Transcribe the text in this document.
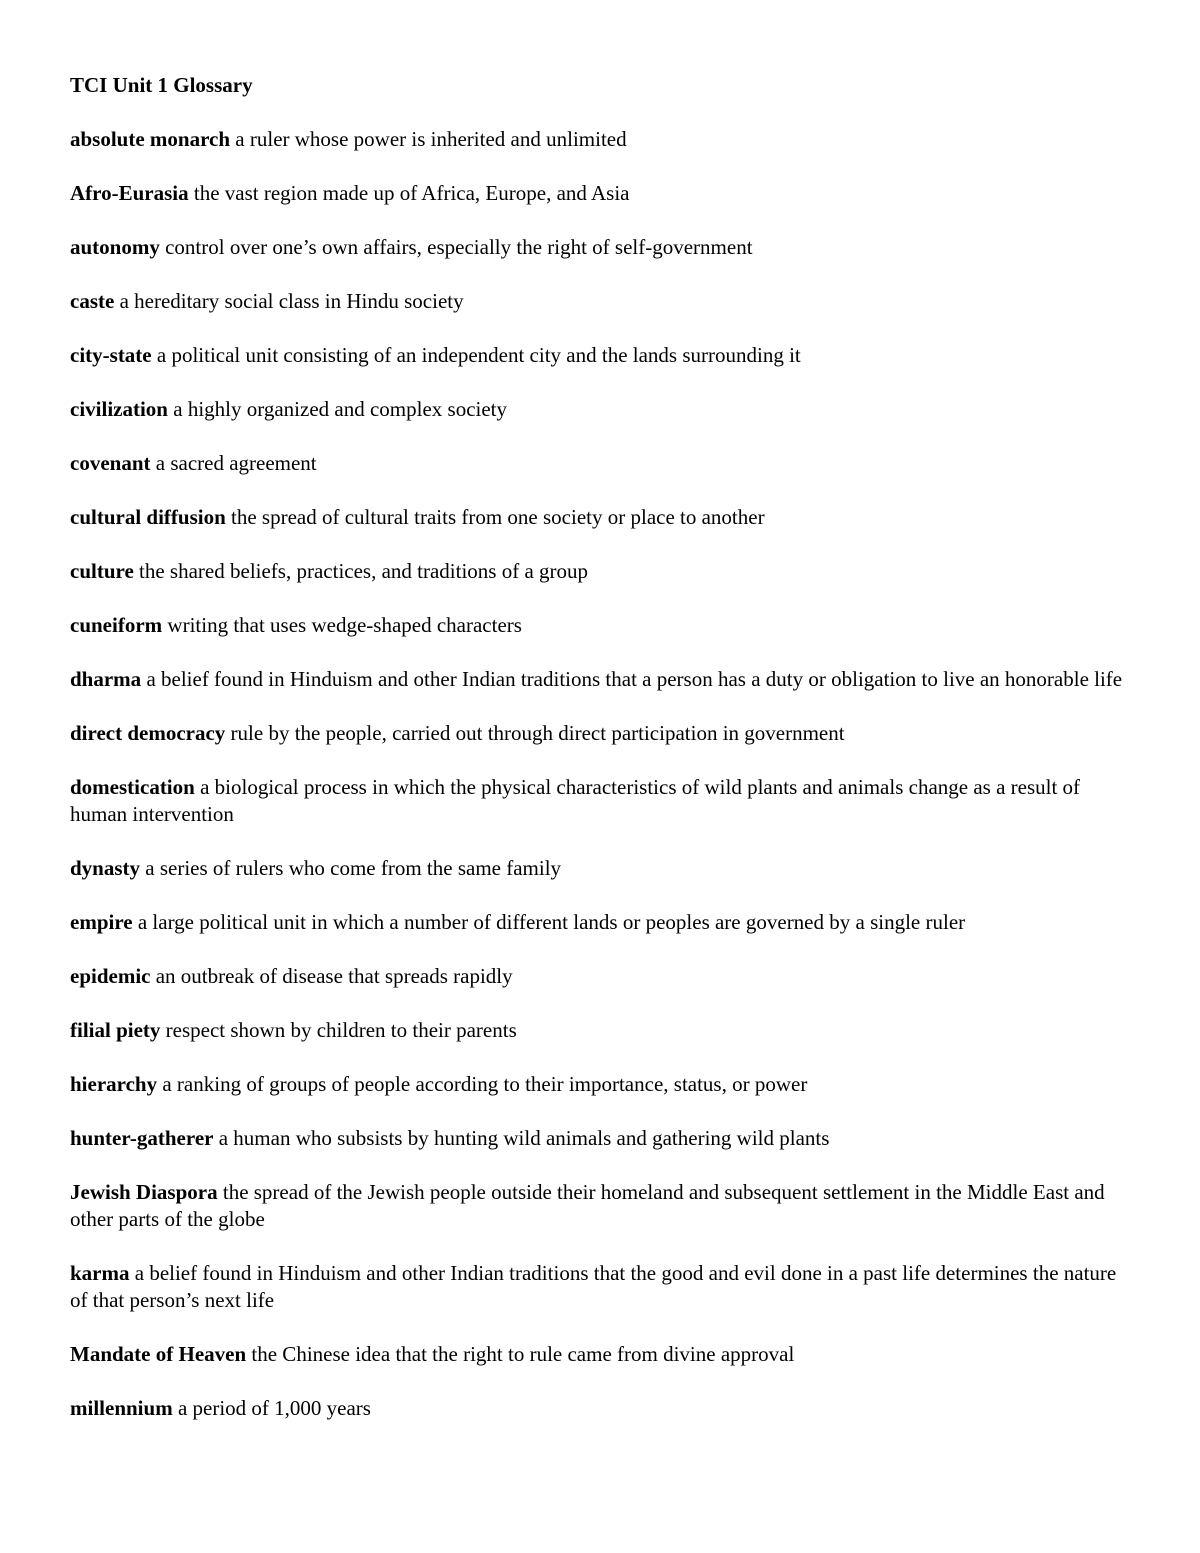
TCI Unit 1 Glossary
absolute monarch a ruler whose power is inherited and unlimited
Afro-Eurasia the vast region made up of Africa, Europe, and Asia
autonomy control over one’s own affairs, especially the right of self-government
caste a hereditary social class in Hindu society
city-state a political unit consisting of an independent city and the lands surrounding it
civilization a highly organized and complex society
covenant a sacred agreement
cultural diffusion the spread of cultural traits from one society or place to another
culture the shared beliefs, practices, and traditions of a group
cuneiform writing that uses wedge-shaped characters
dharma a belief found in Hinduism and other Indian traditions that a person has a duty or obligation to live an honorable life
direct democracy rule by the people, carried out through direct participation in government
domestication a biological process in which the physical characteristics of wild plants and animals change as a result of human intervention
dynasty a series of rulers who come from the same family
empire a large political unit in which a number of different lands or peoples are governed by a single ruler
epidemic an outbreak of disease that spreads rapidly
filial piety respect shown by children to their parents
hierarchy a ranking of groups of people according to their importance, status, or power
hunter-gatherer a human who subsists by hunting wild animals and gathering wild plants
Jewish Diaspora the spread of the Jewish people outside their homeland and subsequent settlement in the Middle East and other parts of the globe
karma a belief found in Hinduism and other Indian traditions that the good and evil done in a past life determines the nature of that person’s next life
Mandate of Heaven the Chinese idea that the right to rule came from divine approval
millennium a period of 1,000 years
